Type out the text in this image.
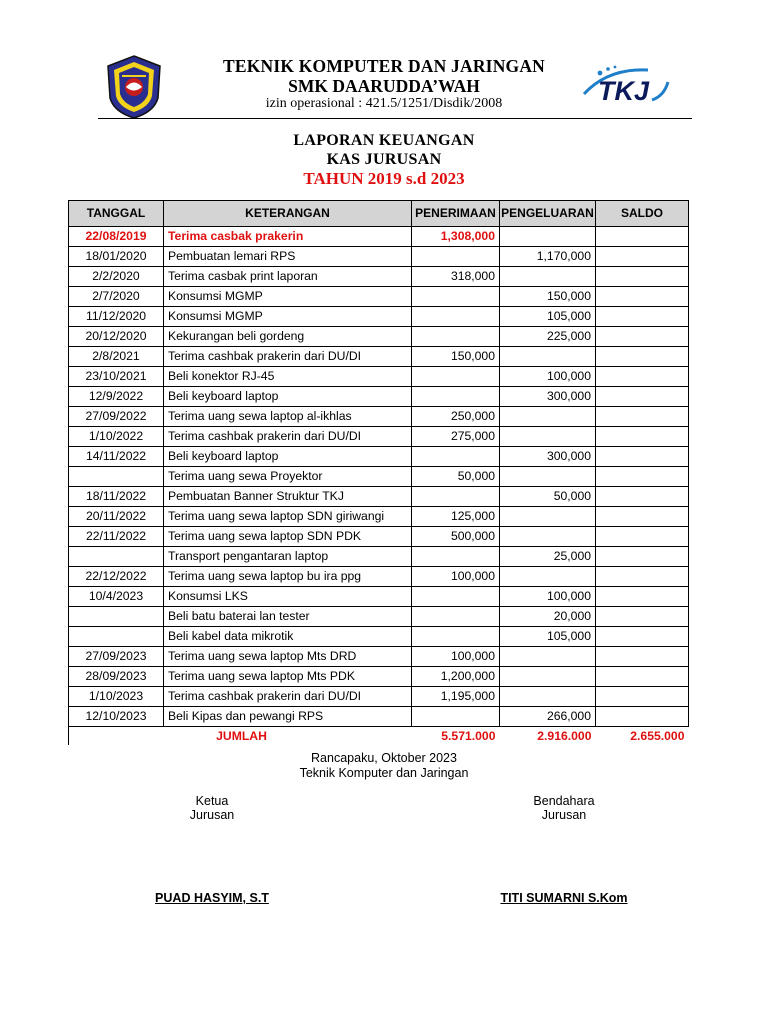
TEKNIK KOMPUTER DAN JARINGAN
SMK DAARUDDA’WAH
izin operasional : 421.5/1251/Disdik/2008	TKJ
LAPORAN KEUANGAN
KAS JURUSAN
TAHUN 2019 s.d 2023
TANGGAL	KETERANGAN	PENERIMAAN	PENGELUARAN	SALDO
22/08/2019	Terima casbak prakerin	1,308,000		
18/01/2020	Pembuatan lemari RPS		1,170,000	
2/2/2020	Terima casbak print laporan	318,000		
2/7/2020	Konsumsi MGMP		150,000	
11/12/2020	Konsumsi MGMP		105,000	
20/12/2020	Kekurangan beli gordeng		225,000	
2/8/2021	Terima cashbak prakerin dari DU/DI	150,000		
23/10/2021	Beli konektor RJ-45		100,000	
12/9/2022	Beli keyboard laptop		300,000	
27/09/2022	Terima uang sewa laptop al-ikhlas	250,000		
1/10/2022	Terima cashbak prakerin dari DU/DI	275,000		
14/11/2022	Beli keyboard laptop		300,000	
	Terima uang sewa Proyektor	50,000		
18/11/2022	Pembuatan Banner Struktur TKJ		50,000	
20/11/2022	Terima uang sewa laptop SDN giriwangi	125,000		
22/11/2022	Terima uang sewa laptop SDN PDK	500,000		
	Transport pengantaran laptop		25,000	
22/12/2022	Terima uang sewa laptop bu ira ppg	100,000		
10/4/2023	Konsumsi LKS		100,000	
	Beli batu baterai lan tester		20,000	
	Beli kabel data mikrotik		105,000	
27/09/2023	Terima uang sewa laptop Mts DRD	100,000		
28/09/2023	Terima uang sewa laptop Mts PDK	1,200,000		
1/10/2023	Terima cashbak prakerin dari DU/DI	1,195,000		
12/10/2023	Beli Kipas dan pewangi RPS		266,000	
	JUMLAH	5.571.000	2.916.000	2.655.000
Rancapaku, Oktober 2023
Teknik Komputer dan Jaringan
Ketua
Jurusan
Bendahara
Jurusan
PUAD HASYIM, S.T	TITI SUMARNI S.Kom
